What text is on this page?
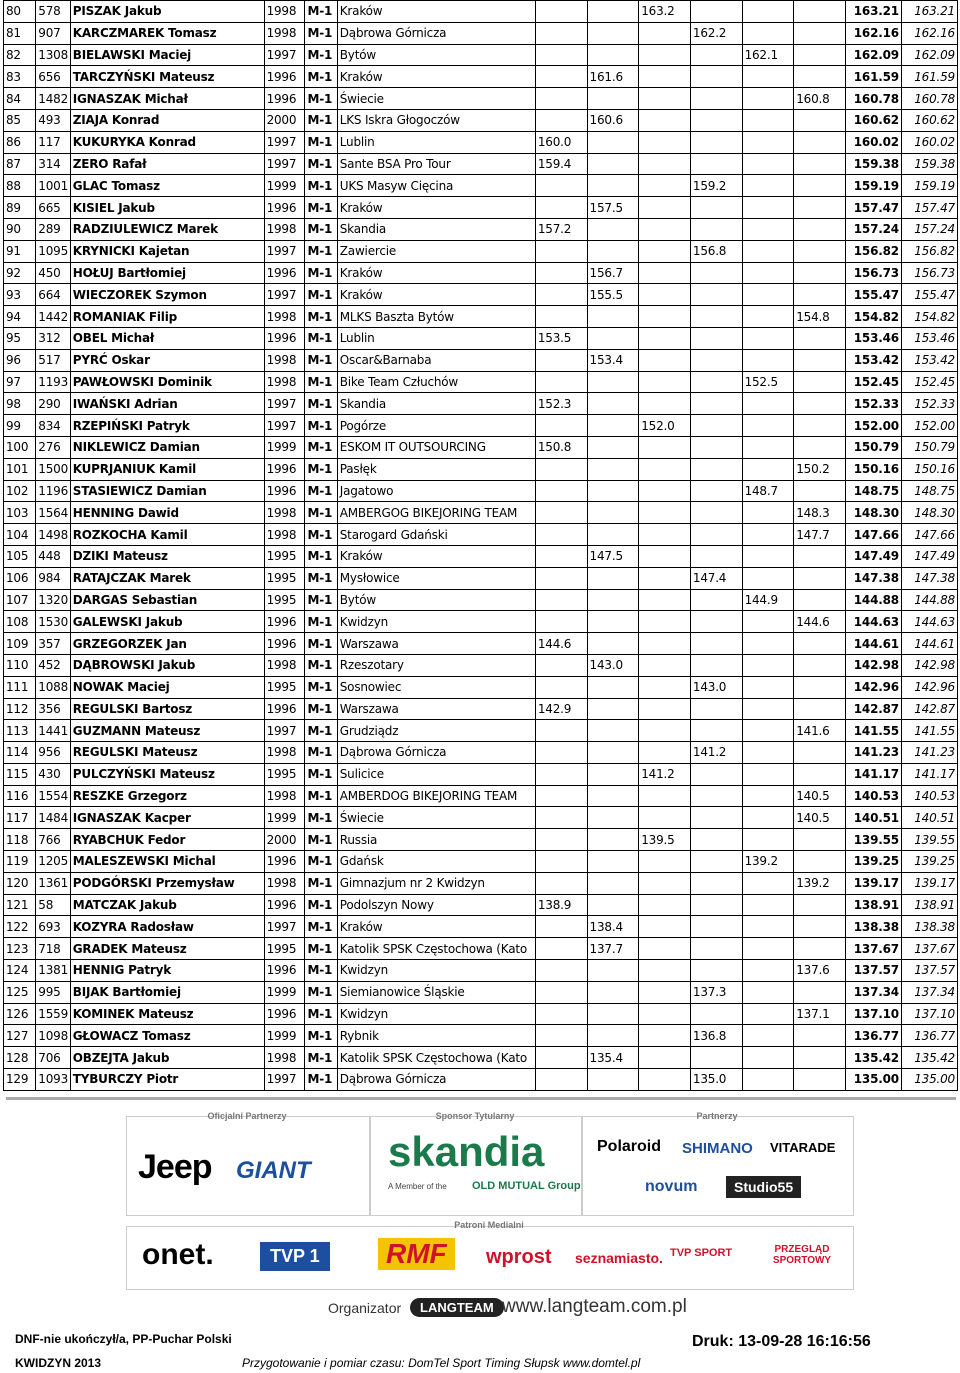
80	578	PISZAK Jakub	1998	M-1	Kraków			163.2				163.21	163.21
81	907	KARCZMAREK Tomasz	1998	M-1	Dąbrowa Górnicza				162.2			162.16	162.16
82	1308	BIELAWSKI Maciej	1997	M-1	Bytów					162.1		162.09	162.09
83	656	TARCZYŃSKI Mateusz	1996	M-1	Kraków		161.6					161.59	161.59
84	1482	IGNASZAK Michał	1996	M-1	Świecie						160.8	160.78	160.78
85	493	ZIAJA Konrad	2000	M-1	LKS Iskra Głogoczów		160.6					160.62	160.62
86	117	KUKURYKA Konrad	1997	M-1	Lublin	160.0						160.02	160.02
87	314	ZERO Rafał	1997	M-1	Sante BSA Pro Tour	159.4						159.38	159.38
88	1001	GLAC Tomasz	1999	M-1	UKS Masyw Cięcina				159.2			159.19	159.19
89	665	KISIEL Jakub	1996	M-1	Kraków		157.5					157.47	157.47
90	289	RADZIULEWICZ Marek	1998	M-1	Skandia	157.2						157.24	157.24
91	1095	KRYNICKI Kajetan	1997	M-1	Zawiercie				156.8			156.82	156.82
92	450	HOŁUJ Bartłomiej	1996	M-1	Kraków		156.7					156.73	156.73
93	664	WIECZOREK Szymon	1997	M-1	Kraków		155.5					155.47	155.47
94	1442	ROMANIAK Filip	1998	M-1	MLKS Baszta Bytów						154.8	154.82	154.82
95	312	OBEL Michał	1996	M-1	Lublin	153.5						153.46	153.46
96	517	PYRĆ Oskar	1998	M-1	Oscar&Barnaba		153.4					153.42	153.42
97	1193	PAWŁOWSKI Dominik	1998	M-1	Bike Team Człuchów					152.5		152.45	152.45
98	290	IWAŃSKI Adrian	1997	M-1	Skandia	152.3						152.33	152.33
99	834	RZEPIŃSKI Patryk	1997	M-1	Pogórze			152.0				152.00	152.00
100	276	NIKLEWICZ Damian	1999	M-1	ESKOM IT OUTSOURCING	150.8						150.79	150.79
101	1500	KUPRJANIUK Kamil	1996	M-1	Pasłęk						150.2	150.16	150.16
102	1196	STASIEWICZ Damian	1996	M-1	Jagatowo					148.7		148.75	148.75
103	1564	HENNING Dawid	1998	M-1	AMBERGOG BIKEJORING TEAM						148.3	148.30	148.30
104	1498	ROZKOCHA Kamil	1998	M-1	Starogard Gdański						147.7	147.66	147.66
105	448	DZIKI Mateusz	1995	M-1	Kraków		147.5					147.49	147.49
106	984	RATAJCZAK Marek	1995	M-1	Mysłowice				147.4			147.38	147.38
107	1320	DARGAS Sebastian	1995	M-1	Bytów					144.9		144.88	144.88
108	1530	GALEWSKI Jakub	1996	M-1	Kwidzyn						144.6	144.63	144.63
109	357	GRZEGORZEK Jan	1996	M-1	Warszawa	144.6						144.61	144.61
110	452	DĄBROWSKI Jakub	1998	M-1	Rzeszotary		143.0					142.98	142.98
111	1088	NOWAK Maciej	1995	M-1	Sosnowiec				143.0			142.96	142.96
112	356	REGULSKI Bartosz	1996	M-1	Warszawa	142.9						142.87	142.87
113	1441	GUZMANN Mateusz	1997	M-1	Grudziądz						141.6	141.55	141.55
114	956	REGULSKI Mateusz	1998	M-1	Dąbrowa Górnicza				141.2			141.23	141.23
115	430	PULCZYŃSKI Mateusz	1995	M-1	Sulicice			141.2				141.17	141.17
116	1554	RESZKE Grzegorz	1998	M-1	AMBERDOG BIKEJORING TEAM						140.5	140.53	140.53
117	1484	IGNASZAK Kacper	1999	M-1	Świecie						140.5	140.51	140.51
118	766	RYABCHUK Fedor	2000	M-1	Russia			139.5				139.55	139.55
119	1205	MALESZEWSKI Michal	1996	M-1	Gdańsk					139.2		139.25	139.25
120	1361	PODGÓRSKI Przemysław	1998	M-1	Gimnazjum nr 2 Kwidzyn						139.2	139.17	139.17
121	58	MATCZAK Jakub	1996	M-1	Podolszyn Nowy	138.9						138.91	138.91
122	693	KOZYRA Radosław	1997	M-1	Kraków		138.4					138.38	138.38
123	718	GRADEK Mateusz	1995	M-1	Katolik SPSK Częstochowa (Kato		137.7					137.67	137.67
124	1381	HENNIG Patryk	1996	M-1	Kwidzyn						137.6	137.57	137.57
125	995	BIJAK Bartłomiej	1999	M-1	Siemianowice Śląskie				137.3			137.34	137.34
126	1559	KOMINEK Mateusz	1996	M-1	Kwidzyn						137.1	137.10	137.10
127	1098	GŁOWACZ Tomasz	1999	M-1	Rybnik				136.8			136.77	136.77
128	706	OBZEJTA Jakub	1998	M-1	Katolik SPSK Częstochowa (Kato		135.4					135.42	135.42
129	1093	TYBURCZY Piotr	1997	M-1	Dąbrowa Górnicza				135.0			135.00	135.00
Oficjalni Partnerzy
Jeep GIANT
Sponsor Tytularny
skandia
A Member of the OLD MUTUAL Group
Partnerzy
Polaroid SHIMANO VITARADE
novum	Studio55
Patroni Medialni
onet.	TVP 1	RMF	wprost seznamiasto. TVP SPORT	PRZEGLĄD SPORTOWY
Organizator	LANGTEAM www.langteam.com.pl
DNF-nie ukończył/a, PP-Puchar Polski
KWIDZYN 2013	Przygotowanie i pomiar czasu: DomTel Sport Timing Słupsk www.domtel.pl
Druk: 13-09-28 16:16:56
